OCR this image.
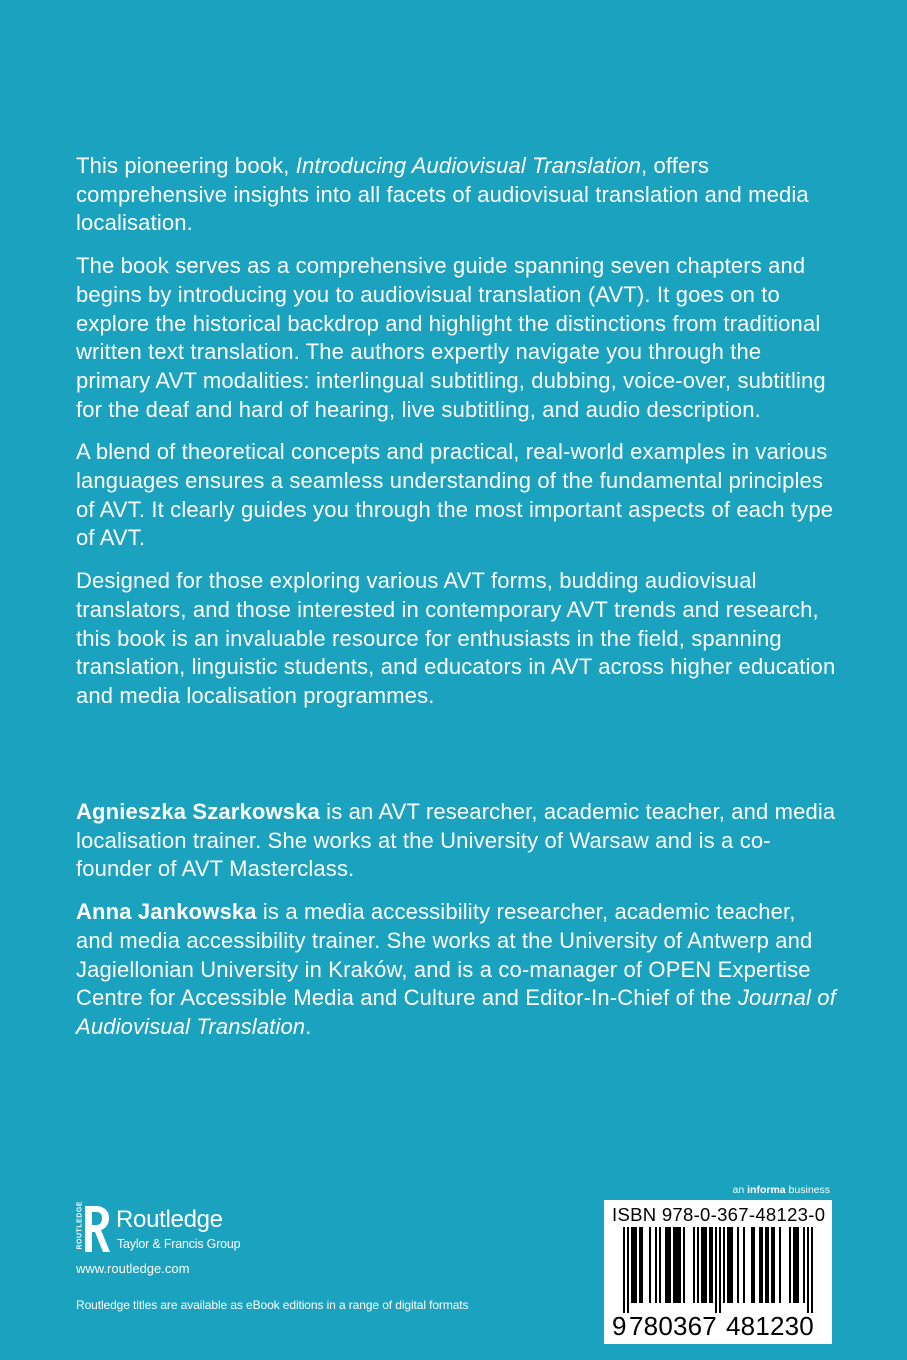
This pioneering book, Introducing Audiovisual Translation, offers comprehensive insights into all facets of audiovisual translation and media localisation.

The book serves as a comprehensive guide spanning seven chapters and begins by introducing you to audiovisual translation (AVT). It goes on to explore the historical backdrop and highlight the distinctions from traditional written text translation. The authors expertly navigate you through the primary AVT modalities: interlingual subtitling, dubbing, voice-over, subtitling for the deaf and hard of hearing, live subtitling, and audio description.

A blend of theoretical concepts and practical, real-world examples in various languages ensures a seamless understanding of the fundamental principles of AVT. It clearly guides you through the most important aspects of each type of AVT.

Designed for those exploring various AVT forms, budding audiovisual translators, and those interested in contemporary AVT trends and research, this book is an invaluable resource for enthusiasts in the field, spanning translation, linguistic students, and educators in AVT across higher education and media localisation programmes.

Agnieszka Szarkowska is an AVT researcher, academic teacher, and media localisation trainer. She works at the University of Warsaw and is a co-founder of AVT Masterclass.

Anna Jankowska is a media accessibility researcher, academic teacher, and media accessibility trainer. She works at the University of Antwerp and Jagiellonian University in Kraków, and is a co-manager of OPEN Expertise Centre for Accessible Media and Culture and Editor-In-Chief of the Journal of Audiovisual Translation.

ROUTLEDGE Routledge
Taylor & Francis Group
www.routledge.com
Routledge titles are available as eBook editions in a range of digital formats
an informa business
ISBN 978-0-367-48123-0
9 780367 481230
